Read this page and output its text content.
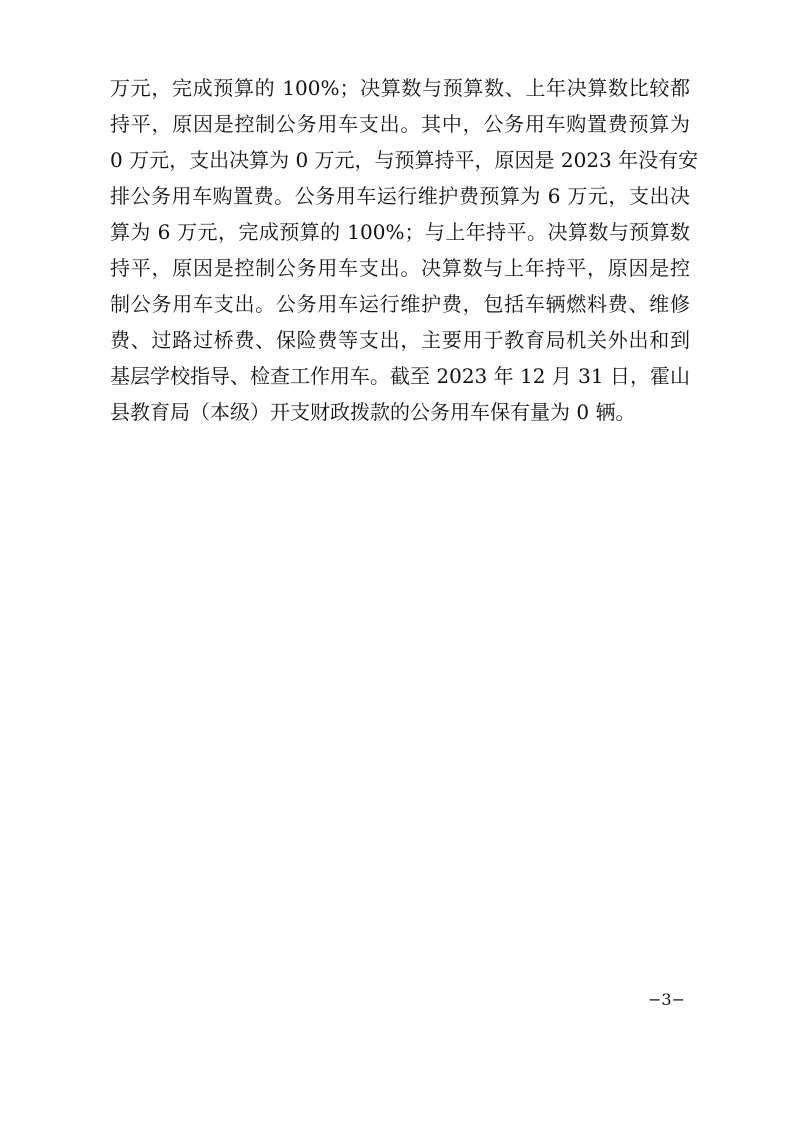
万元，完成预算的 100%；决算数与预算数、上年决算数比较都
持平，原因是控制公务用车支出。其中，公务用车购置费预算为
0 万元，支出决算为 0 万元，与预算持平，原因是 2023 年没有安
排公务用车购置费。公务用车运行维护费预算为 6 万元，支出决
算为 6 万元，完成预算的 100%；与上年持平。决算数与预算数
持平，原因是控制公务用车支出。决算数与上年持平，原因是控
制公务用车支出。公务用车运行维护费，包括车辆燃料费、维修
费、过路过桥费、保险费等支出，主要用于教育局机关外出和到
基层学校指导、检查工作用车。截至 2023 年 12 月 31 日，霍山
县教育局（本级）开支财政拨款的公务用车保有量为 0 辆。
−3−
